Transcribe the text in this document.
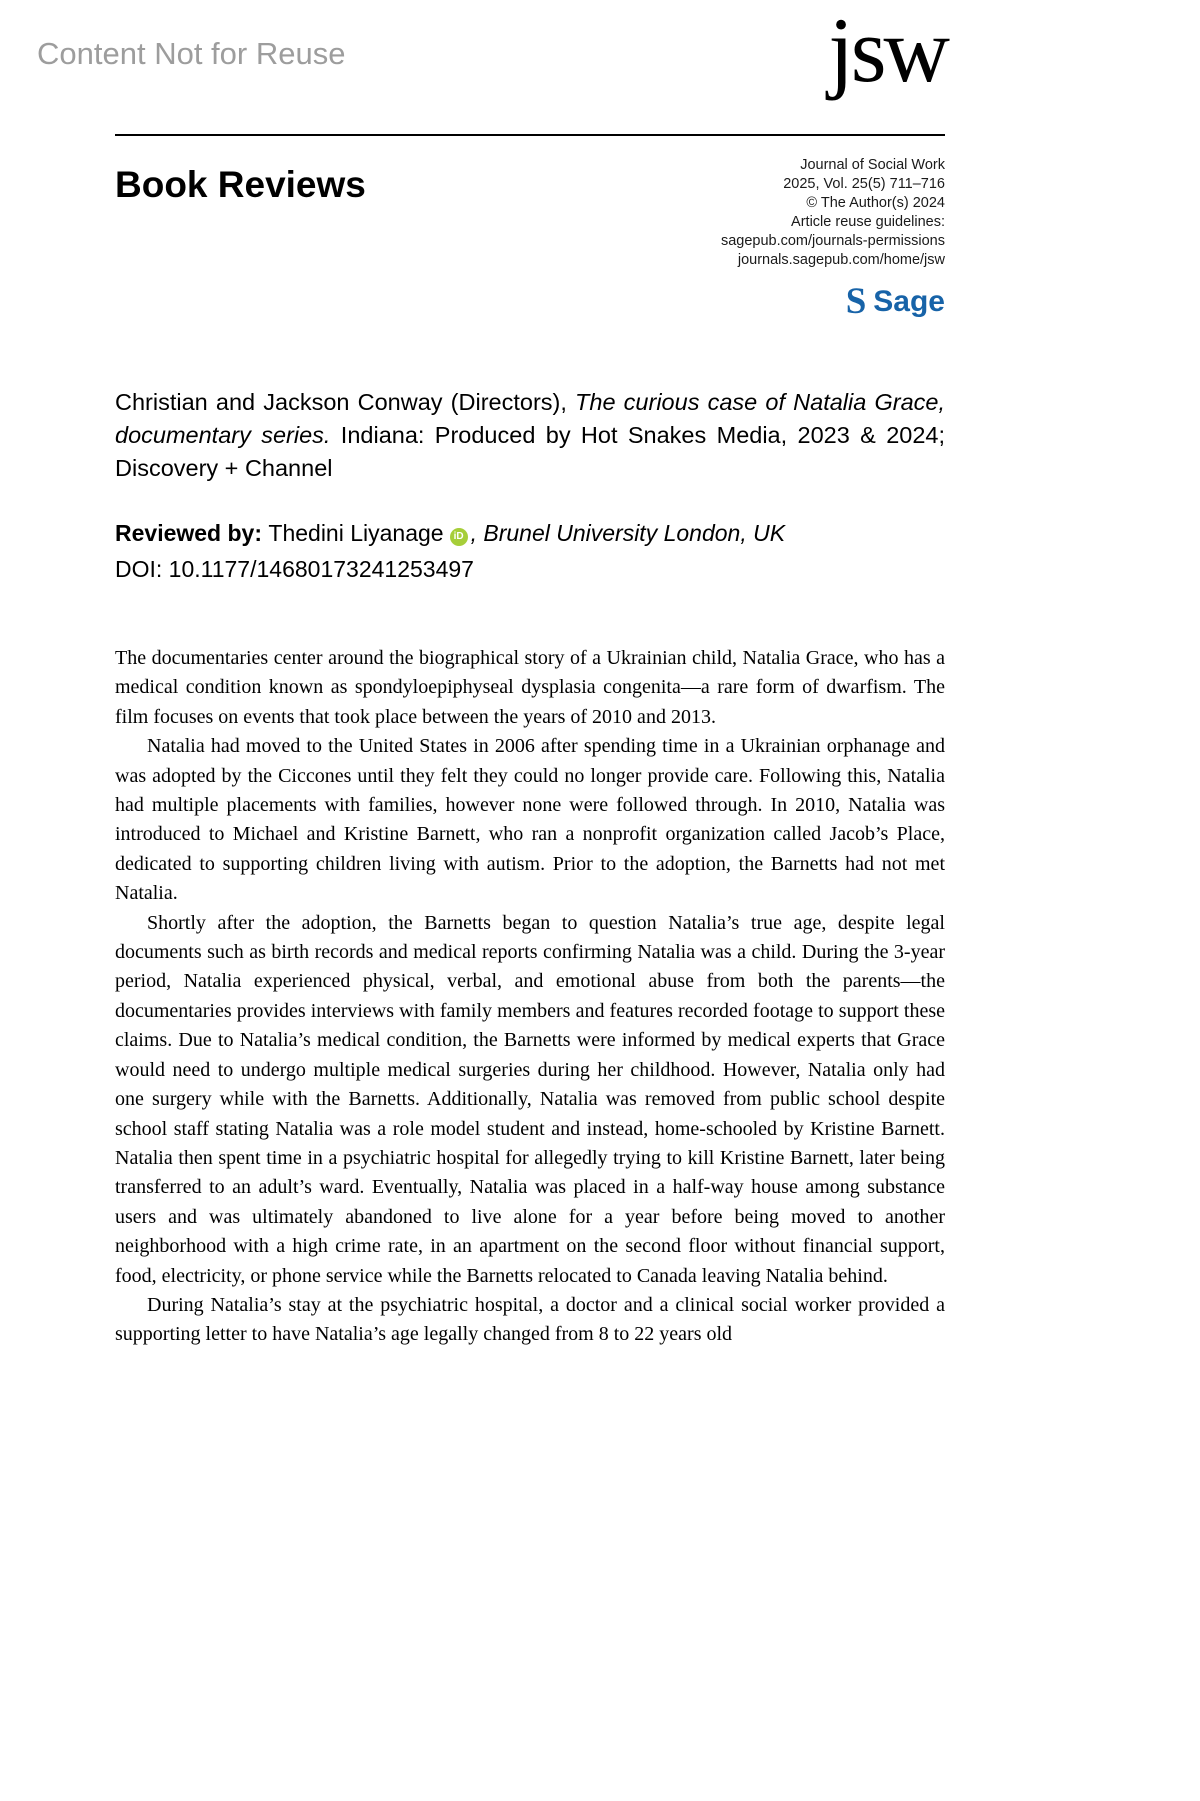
Content Not for Reuse	jsw
Book Reviews	Journal of Social Work
2025, Vol. 25(5) 711–716
© The Author(s) 2024
Article reuse guidelines:
sagepub.com/journals-permissions
journals.sagepub.com/home/jsw
S Sage

Christian and Jackson Conway (Directors), The curious case of Natalia Grace, documentary series. Indiana: Produced by Hot Snakes Media, 2023 & 2024; Discovery + Channel

Reviewed by: Thedini Liyanage iD , Brunel University London, UK
DOI: 10.1177/14680173241253497

The documentaries center around the biographical story of a Ukrainian child, Natalia Grace, who has a medical condition known as spondyloepiphyseal dysplasia congenita—a rare form of dwarfism. The film focuses on events that took place between the years of 2010 and 2013.

Natalia had moved to the United States in 2006 after spending time in a Ukrainian orphanage and was adopted by the Ciccones until they felt they could no longer provide care. Following this, Natalia had multiple placements with families, however none were followed through. In 2010, Natalia was introduced to Michael and Kristine Barnett, who ran a nonprofit organization called Jacob’s Place, dedicated to supporting children living with autism. Prior to the adoption, the Barnetts had not met Natalia.

Shortly after the adoption, the Barnetts began to question Natalia’s true age, despite legal documents such as birth records and medical reports confirming Natalia was a child. During the 3-year period, Natalia experienced physical, verbal, and emotional abuse from both the parents—the documentaries provides interviews with family members and features recorded footage to support these claims. Due to Natalia’s medical condition, the Barnetts were informed by medical experts that Grace would need to undergo multiple medical surgeries during her childhood. However, Natalia only had one surgery while with the Barnetts. Additionally, Natalia was removed from public school despite school staff stating Natalia was a role model student and instead, home-schooled by Kristine Barnett. Natalia then spent time in a psychiatric hospital for allegedly trying to kill Kristine Barnett, later being transferred to an adult’s ward. Eventually, Natalia was placed in a half-way house among substance users and was ultimately abandoned to live alone for a year before being moved to another neighborhood with a high crime rate, in an apartment on the second floor without financial support, food, electricity, or phone service while the Barnetts relocated to Canada leaving Natalia behind.

During Natalia’s stay at the psychiatric hospital, a doctor and a clinical social worker provided a supporting letter to have Natalia’s age legally changed from 8 to 22 years old
